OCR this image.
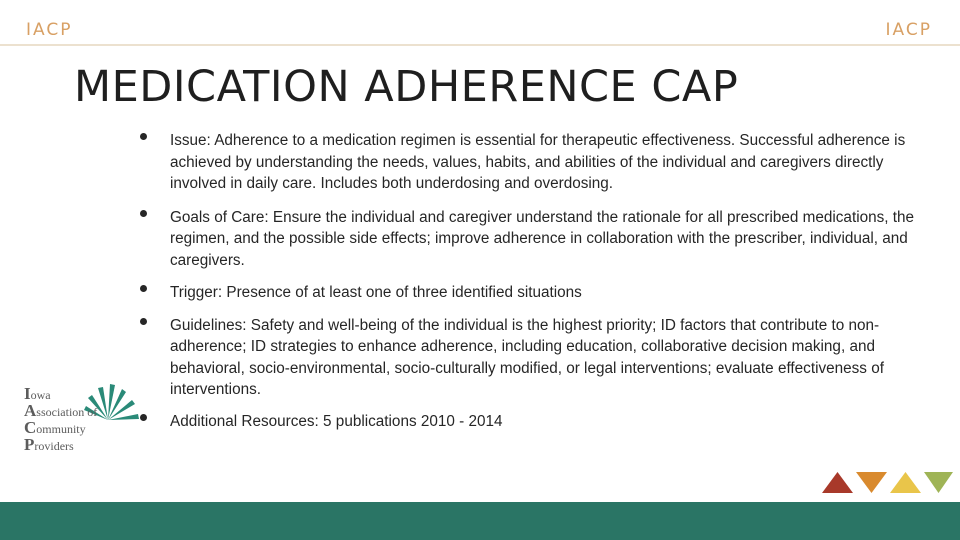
IACP	IACP
MEDICATION ADHERENCE CAP
Issue: Adherence to a medication regimen is essential for therapeutic effectiveness. Successful adherence is achieved by understanding the needs, values, habits, and abilities of the individual and caregivers directly involved in daily care. Includes both underdosing and overdosing.
Goals of Care: Ensure the individual and caregiver understand the rationale for all prescribed medications, the regimen, and the possible side effects; improve adherence in collaboration with the prescriber, individual, and caregivers.
Trigger: Presence of at least one of three identified situations
Guidelines: Safety and well-being of the individual is the highest priority; ID factors that contribute to non-adherence; ID strategies to enhance adherence, including education, collaborative decision making, and behavioral, socio-environmental, socio-culturally modified, or legal interventions; evaluate effectiveness of interventions.
Additional Resources: 5 publications 2010 - 2014
Iowa
Association of
Community
Providers
